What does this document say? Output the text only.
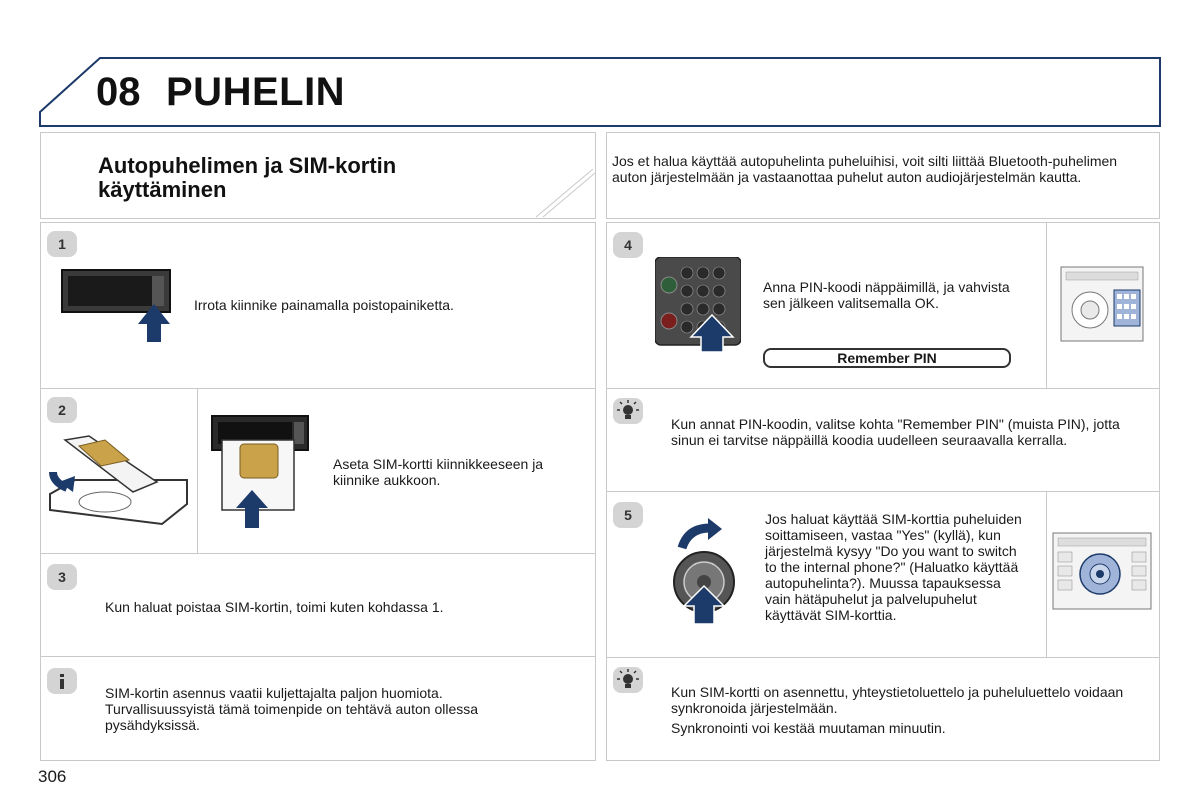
08 PUHELIN
Autopuhelimen ja SIM-kortin
käyttäminen
Jos et halua käyttää autopuhelinta puheluihisi, voit silti liittää Bluetooth-puhelimen auton järjestelmään ja vastaanottaa puhelut auton audiojärjestelmän kautta.
1
Irrota kiinnike painamalla poistopainiketta.
2
Aseta SIM-kortti kiinnikkeeseen ja kiinnike aukkoon.
3
Kun haluat poistaa SIM-kortin, toimi kuten kohdassa 1.
SIM-kortin asennus vaatii kuljettajalta paljon huomiota. Turvallisuussyistä tämä toimenpide on tehtävä auton ollessa pysähdyksissä.
4
Anna PIN-koodi näppäimillä, ja vahvista sen jälkeen valitsemalla OK.
Remember PIN
Kun annat PIN-koodin, valitse kohta "Remember PIN" (muista PIN), jotta sinun ei tarvitse näppäillä koodia uudelleen seuraavalla kerralla.
5	Jos haluat käyttää SIM-korttia puheluiden soittamiseen, vastaa "Yes" (kyllä), kun järjestelmä kysyy "Do you want to switch to the internal phone?" (Haluatko käyttää autopuhelinta?). Muussa tapauksessa vain hätäpuhelut ja palvelupuhelut käyttävät SIM-korttia.
Kun SIM-kortti on asennettu, yhteystietoluettelo ja puheluluettelo voidaan synkronoida järjestelmään.
Synkronointi voi kestää muutaman minuutin.
306
